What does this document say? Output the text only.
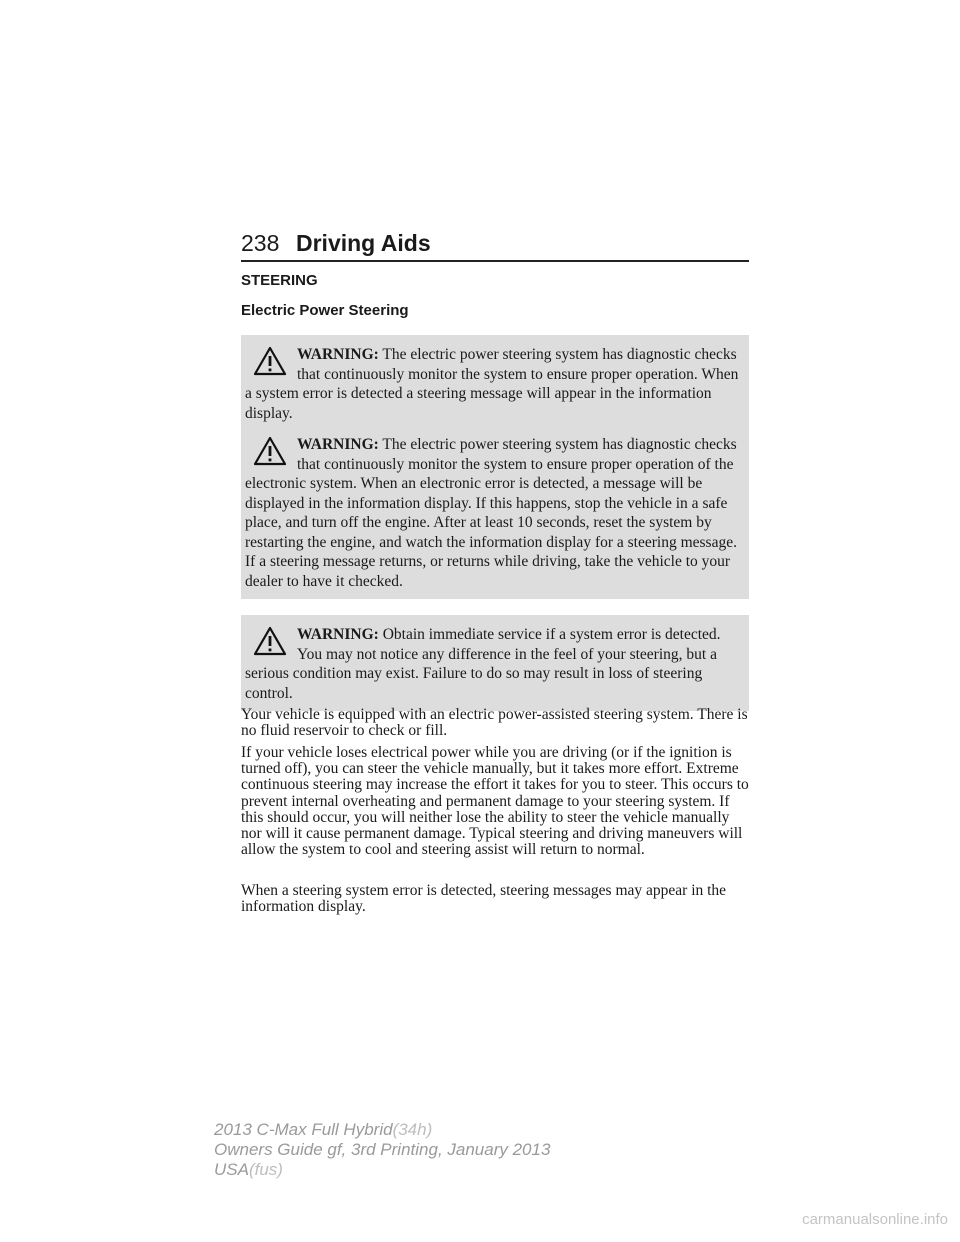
238 Driving Aids
STEERING
Electric Power Steering

WARNING: The electric power steering system has diagnostic checks that continuously monitor the system to ensure proper operation. When a system error is detected a steering message will appear in the information display.

WARNING: The electric power steering system has diagnostic checks that continuously monitor the system to ensure proper operation of the electronic system. When an electronic error is detected, a message will be displayed in the information display. If this happens, stop the vehicle in a safe place, and turn off the engine. After at least 10 seconds, reset the system by restarting the engine, and watch the information display for a steering message. If a steering message returns, or returns while driving, take the vehicle to your dealer to have it checked.

WARNING: Obtain immediate service if a system error is detected. You may not notice any difference in the feel of your steering, but a serious condition may exist. Failure to do so may result in loss of steering control.

Your vehicle is equipped with an electric power-assisted steering system. There is no fluid reservoir to check or fill.

If your vehicle loses electrical power while you are driving (or if the ignition is turned off), you can steer the vehicle manually, but it takes more effort. Extreme continuous steering may increase the effort it takes for you to steer. This occurs to prevent internal overheating and permanent damage to your steering system. If this should occur, you will neither lose the ability to steer the vehicle manually nor will it cause permanent damage. Typical steering and driving maneuvers will allow the system to cool and steering assist will return to normal.

When a steering system error is detected, steering messages may appear in the information display.

2013 C-Max Full Hybrid(34h)
Owners Guide gf, 3rd Printing, January 2013
USA(fus)
carmanualsonline.info
